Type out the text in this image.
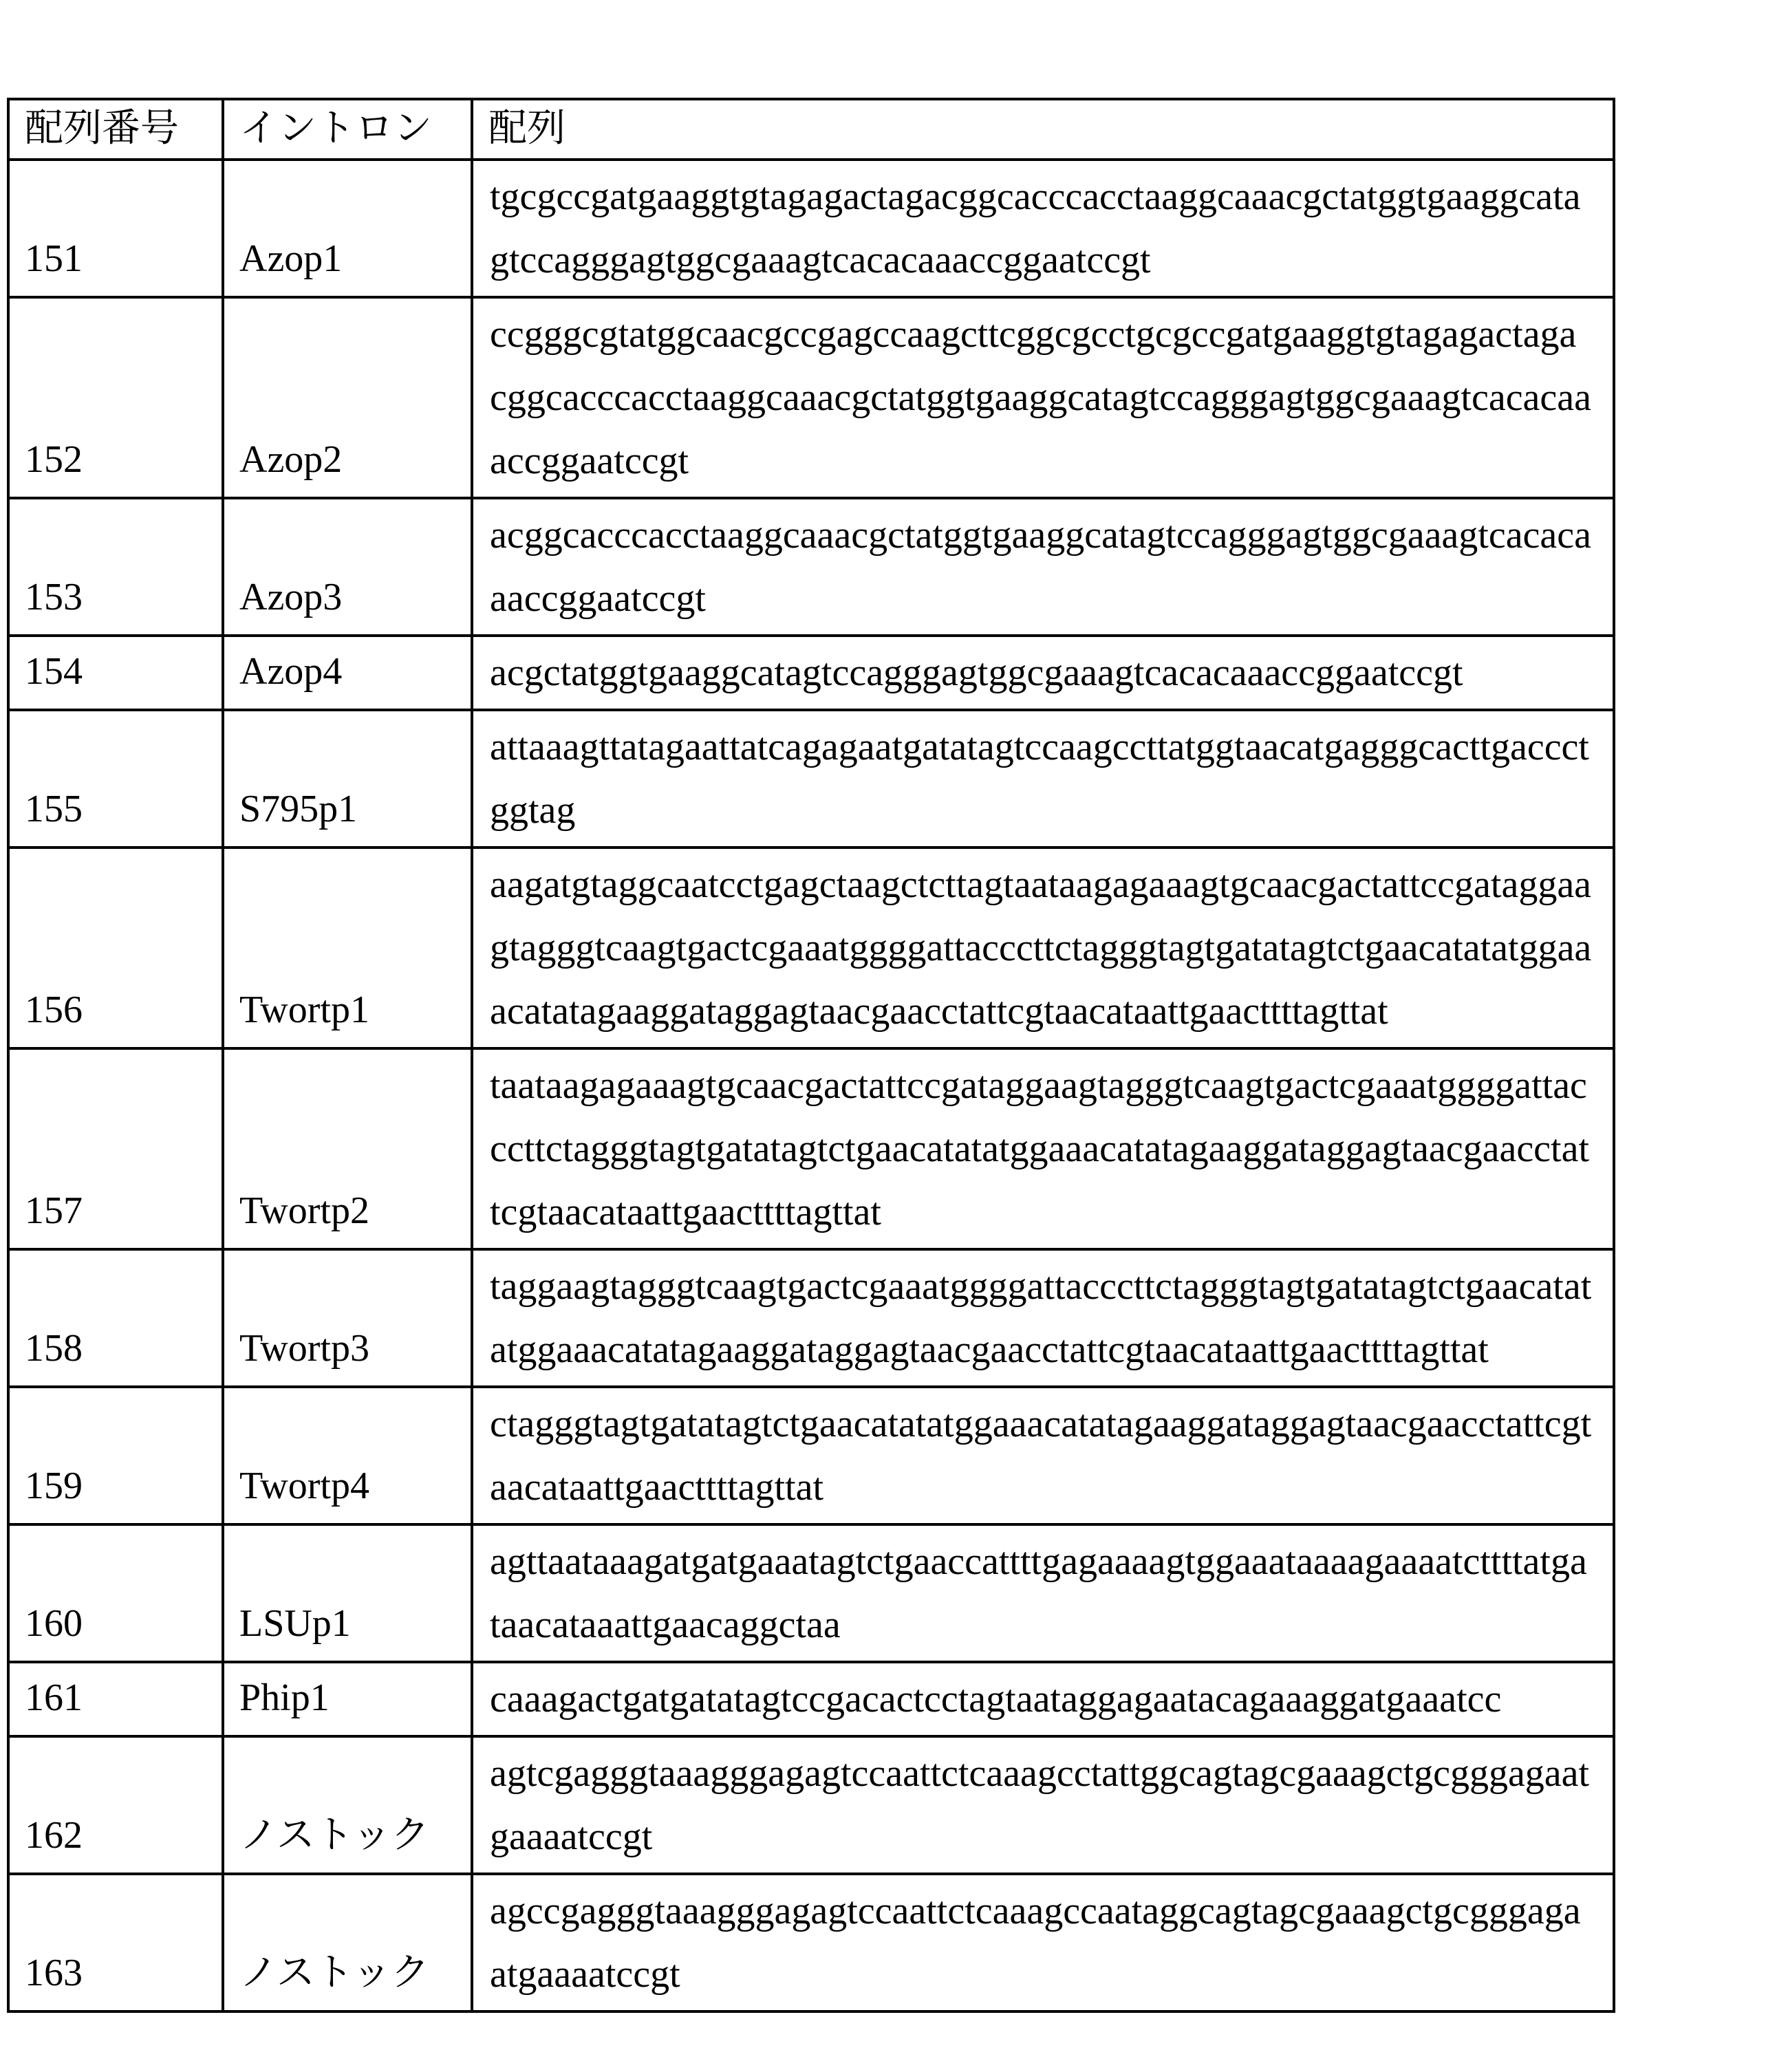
配列番号	イントロン	配列
151	Azop1	tgcgccgatgaaggtgtagagactagacggcacccacctaaggcaaacgctatggtgaaggcatagtccagggagtggcgaaagtcacacaaaccggaatccgt
152	Azop2	ccgggcgtatggcaacgccgagccaagcttcggcgcctgcgccgatgaaggtgtagagactagacggcacccacctaaggcaaacgctatggtgaaggcatagtccagggagtggcgaaagtcacacaaaccggaatccgt
153	Azop3	acggcacccacctaaggcaaacgctatggtgaaggcatagtccagggagtggcgaaagtcacacaaaccggaatccgt
154	Azop4	acgctatggtgaaggcatagtccagggagtggcgaaagtcacacaaaccggaatccgt
155	S795p1	attaaagttatagaattatcagagaatgatatagtccaagccttatggtaacatgagggcacttgaccctggtag
156	Twortp1	aagatgtaggcaatcctgagctaagctcttagtaataagagaaagtgcaacgactattccgataggaagtagggtcaagtgactcgaaatggggattacccttctagggtagtgatatagtctgaacatatatggaaacatatagaaggataggagtaacgaacctattcgtaacataattgaacttttagttat
157	Twortp2	taataagagaaagtgcaacgactattccgataggaagtagggtcaagtgactcgaaatggggattacccttctagggtagtgatatagtctgaacatatatggaaacatatagaaggataggagtaacgaacctattcgtaacataattgaacttttagttat
158	Twortp3	taggaagtagggtcaagtgactcgaaatggggattacccttctagggtagtgatatagtctgaacatatatggaaacatatagaaggataggagtaacgaacctattcgtaacataattgaacttttagttat
159	Twortp4	ctagggtagtgatatagtctgaacatatatggaaacatatagaaggataggagtaacgaacctattcgtaacataattgaacttttagttat
160	LSUp1	agttaataaagatgatgaaatagtctgaaccattttgagaaaagtggaaataaaagaaaatcttttatgataacataaattgaacaggctaa
161	Phip1	caaagactgatgatatagtccgacactcctagtaataggagaatacagaaaggatgaaatcc
162	ノストック	agtcgagggtaaagggagagtccaattctcaaagcctattggcagtagcgaaagctgcgggagaatgaaaatccgt
163	ノストック	agccgagggtaaagggagagtccaattctcaaagccaataggcagtagcgaaagctgcgggagaatgaaaatccgt
